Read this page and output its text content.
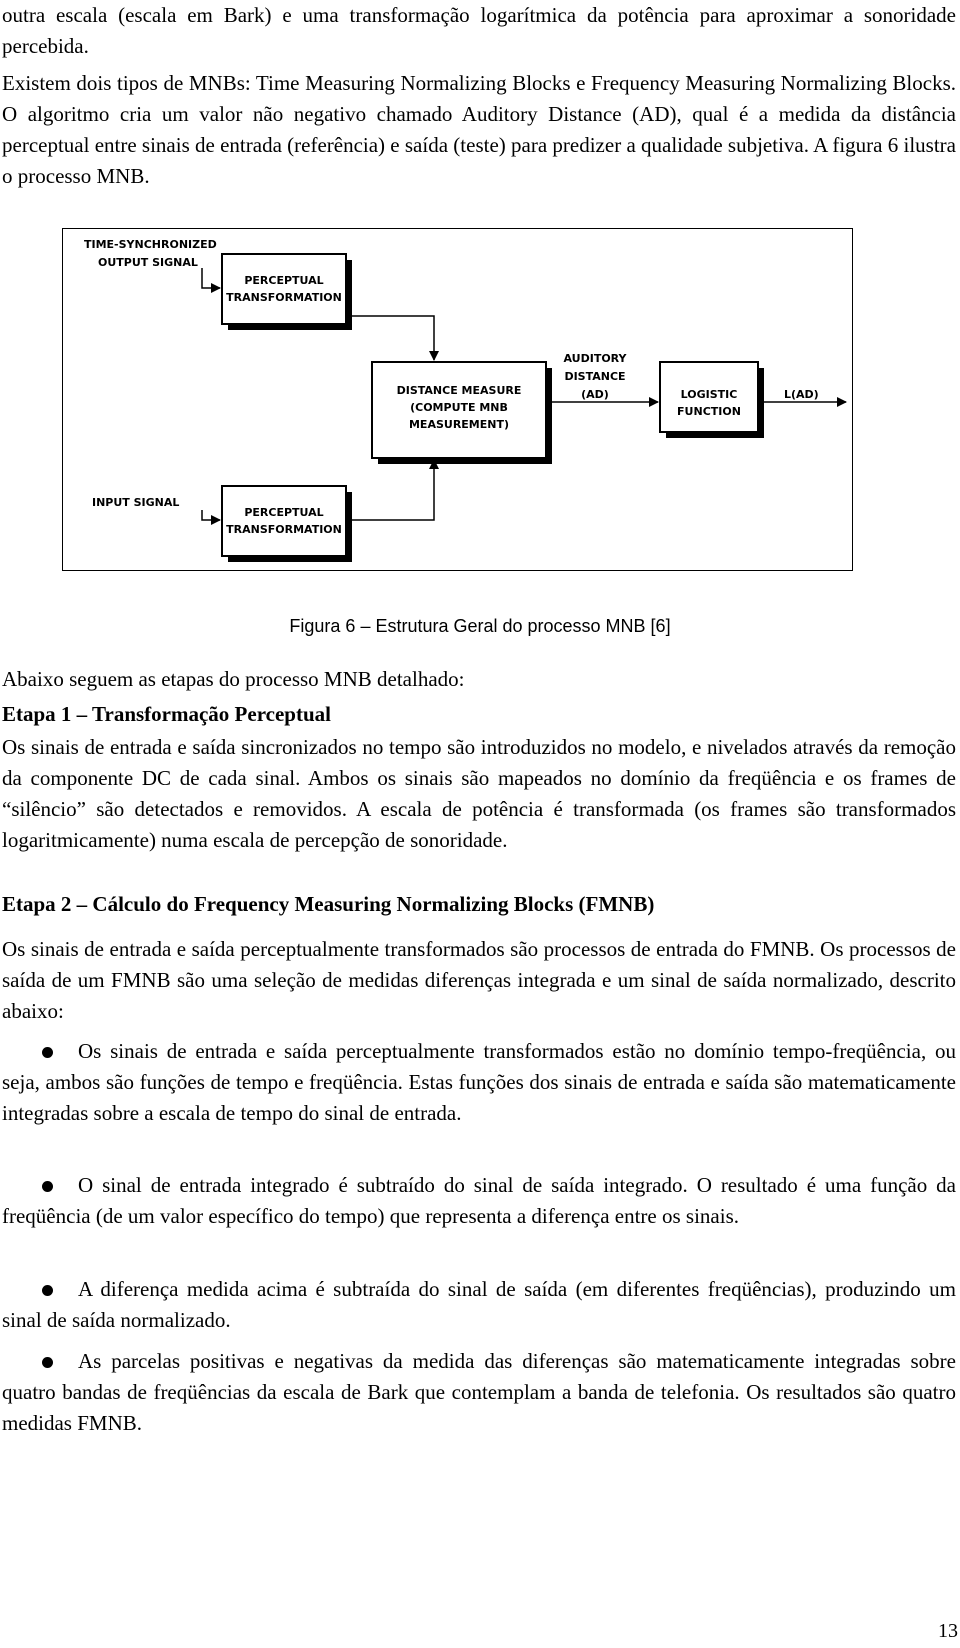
outra escala (escala em Bark) e uma transformação logarítmica da potência para aproximar a sonoridade percebida.

Existem dois tipos de MNBs: Time Measuring Normalizing Blocks e Frequency Measuring Normalizing Blocks. O algoritmo cria um valor não negativo chamado Auditory Distance (AD), qual é a medida da distância perceptual entre sinais de entrada (referência) e saída (teste) para predizer a qualidade subjetiva. A figura 6 ilustra o processo MNB.

PERCEPTUAL
TRANSFORMATION
PERCEPTUAL
TRANSFORMATION
DISTANCE MEASURE
(COMPUTE MNB
MEASUREMENT)
LOGISTIC
FUNCTION
TIME-SYNCHRONIZED
OUTPUT SIGNAL
INPUT SIGNAL
AUDITORY
DISTANCE
(AD)	L(AD)
Figura 6 – Estrutura Geral do processo MNB [6]

Abaixo seguem as etapas do processo MNB detalhado:

Etapa 1 – Transformação Perceptual

Os sinais de entrada e saída sincronizados no tempo são introduzidos no modelo, e nivelados através da remoção da componente DC de cada sinal. Ambos os sinais são mapeados no domínio da freqüência e os frames de “silêncio” são detectados e removidos. A escala de potência é transformada (os frames são transformados logaritmicamente) numa escala de percepção de sonoridade.

Etapa 2 – Cálculo do Frequency Measuring Normalizing Blocks (FMNB)

Os sinais de entrada e saída perceptualmente transformados são processos de entrada do FMNB. Os processos de saída de um FMNB são uma seleção de medidas diferenças integrada e um sinal de saída normalizado, descrito abaixo:

Os sinais de entrada e saída perceptualmente transformados estão no domínio tempo-freqüência, ou seja, ambos são funções de tempo e freqüência. Estas funções dos sinais de entrada e saída são matematicamente integradas sobre a escala de tempo do sinal de entrada.

O sinal de entrada integrado é subtraído do sinal de saída integrado. O resultado é uma função da freqüência (de um valor específico do tempo) que representa a diferença entre os sinais.

A diferença medida acima é subtraída do sinal de saída (em diferentes freqüências), produzindo um sinal de saída normalizado.

As parcelas positivas e negativas da medida das diferenças são matematicamente integradas sobre quatro bandas de freqüências da escala de Bark que contemplam a banda de telefonia. Os resultados são quatro medidas FMNB.

13
